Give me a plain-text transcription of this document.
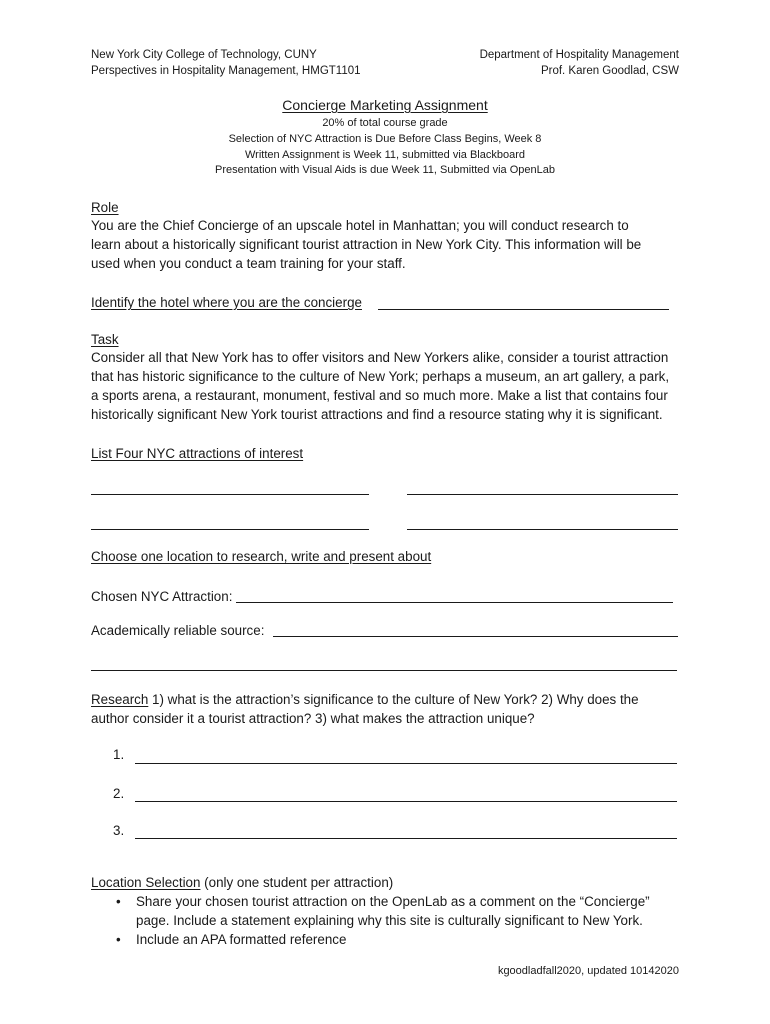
New York City College of Technology, CUNY
Perspectives in Hospitality Management, HMGT1101
Department of Hospitality Management
Prof. Karen Goodlad, CSW
Concierge Marketing Assignment
20% of total course grade
Selection of NYC Attraction is Due Before Class Begins, Week 8
Written Assignment is Week 11, submitted via Blackboard
Presentation with Visual Aids is due Week 11, Submitted via OpenLab
Role
You are the Chief Concierge of an upscale hotel in Manhattan; you will conduct research to
learn about a historically significant tourist attraction in New York City. This information will be
used when you conduct a team training for your staff.
Identify the hotel where you are the concierge
Task
Consider all that New York has to offer visitors and New Yorkers alike, consider a tourist attraction
that has historic significance to the culture of New York; perhaps a museum, an art gallery, a park,
a sports arena, a restaurant, monument, festival and so much more. Make a list that contains four
historically significant New York tourist attractions and find a resource stating why it is significant.
List Four NYC attractions of interest
Choose one location to research, write and present about
Chosen NYC Attraction:
Academically reliable source:
Research 1) what is the attraction’s significance to the culture of New York? 2) Why does the
author consider it a tourist attraction? 3) what makes the attraction unique?
1.
2.
3.
Location Selection (only one student per attraction)
• Share your chosen tourist attraction on the OpenLab as a comment on the “Concierge”
page. Include a statement explaining why this site is culturally significant to New York.
• Include an APA formatted reference
kgoodladfall2020, updated 10142020
